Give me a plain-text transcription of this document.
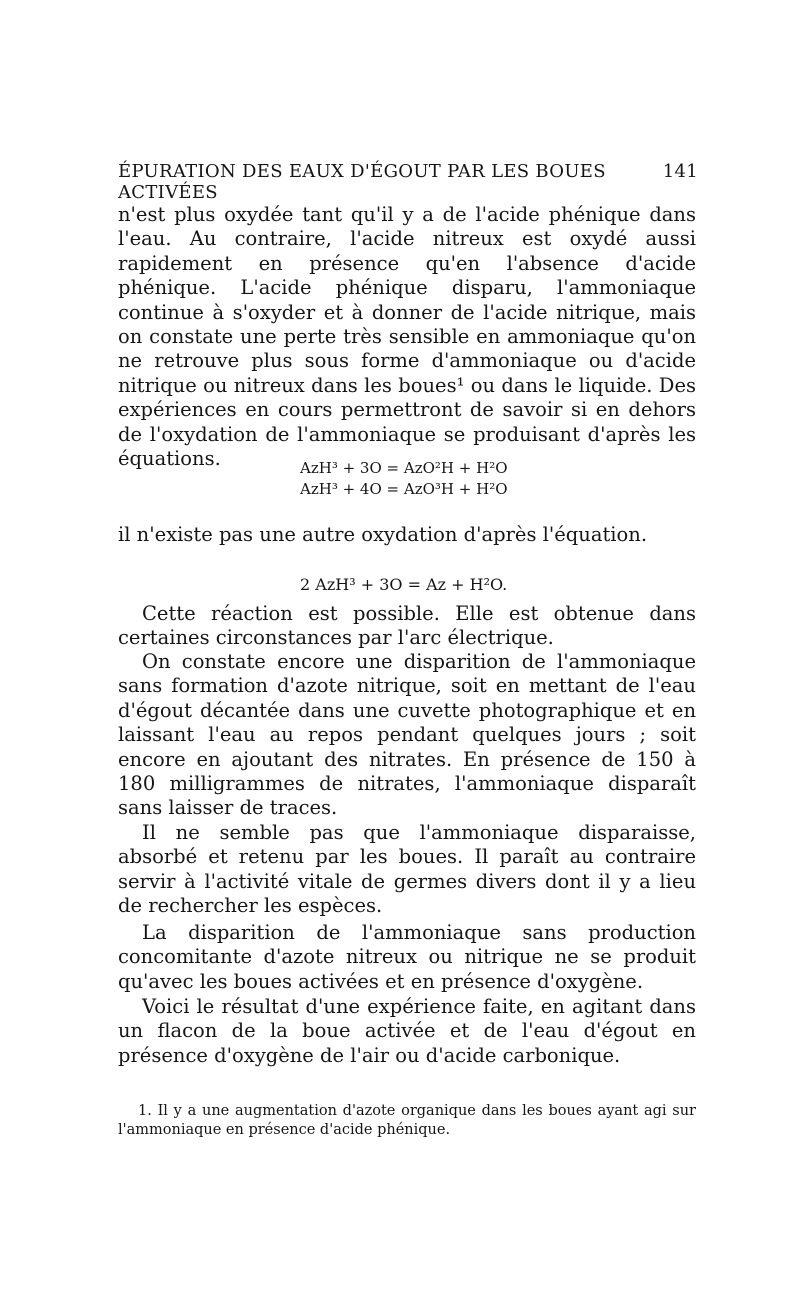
ÉPURATION DES EAUX D'ÉGOUT PAR LES BOUES ACTIVÉES
141

n'est plus oxydée tant qu'il y a de l'acide phénique dans l'eau. Au contraire, l'acide nitreux est oxydé aussi rapidement en présence qu'en l'absence d'acide phénique. L'acide phénique disparu, l'ammoniaque continue à s'oxyder et à donner de l'acide nitrique, mais on constate une perte très sensible en ammoniaque qu'on ne retrouve plus sous forme d'ammoniaque ou d'acide nitrique ou nitreux dans les boues¹ ou dans le liquide. Des expériences en cours permettront de savoir si en dehors de l'oxydation de l'ammoniaque se produisant d'après les équations.	AzH³ + 3O = AzO²H + H²O
AzH³ + 4O = AzO³H + H²O

il n'existe pas une autre oxydation d'après l'équation.

2 AzH³ + 3O = Az + H²O.

Cette réaction est possible. Elle est obtenue dans certaines circonstances par l'arc électrique.

On constate encore une disparition de l'ammoniaque sans formation d'azote nitrique, soit en mettant de l'eau d'égout décantée dans une cuvette photographique et en laissant l'eau au repos pendant quelques jours ; soit encore en ajoutant des nitrates. En présence de 150 à 180 milligrammes de nitrates, l'ammoniaque disparaît sans laisser de traces.

Il ne semble pas que l'ammoniaque disparaisse, absorbé et retenu par les boues. Il paraît au contraire servir à l'activité vitale de germes divers dont il y a lieu de rechercher les espèces.

La disparition de l'ammoniaque sans production concomitante d'azote nitreux ou nitrique ne se produit qu'avec les boues activées et en présence d'oxygène.

Voici le résultat d'une expérience faite, en agitant dans un flacon de la boue activée et de l'eau d'égout en présence d'oxygène de l'air ou d'acide carbonique.

1. Il y a une augmentation d'azote organique dans les boues ayant agi sur l'ammoniaque en présence d'acide phénique.
